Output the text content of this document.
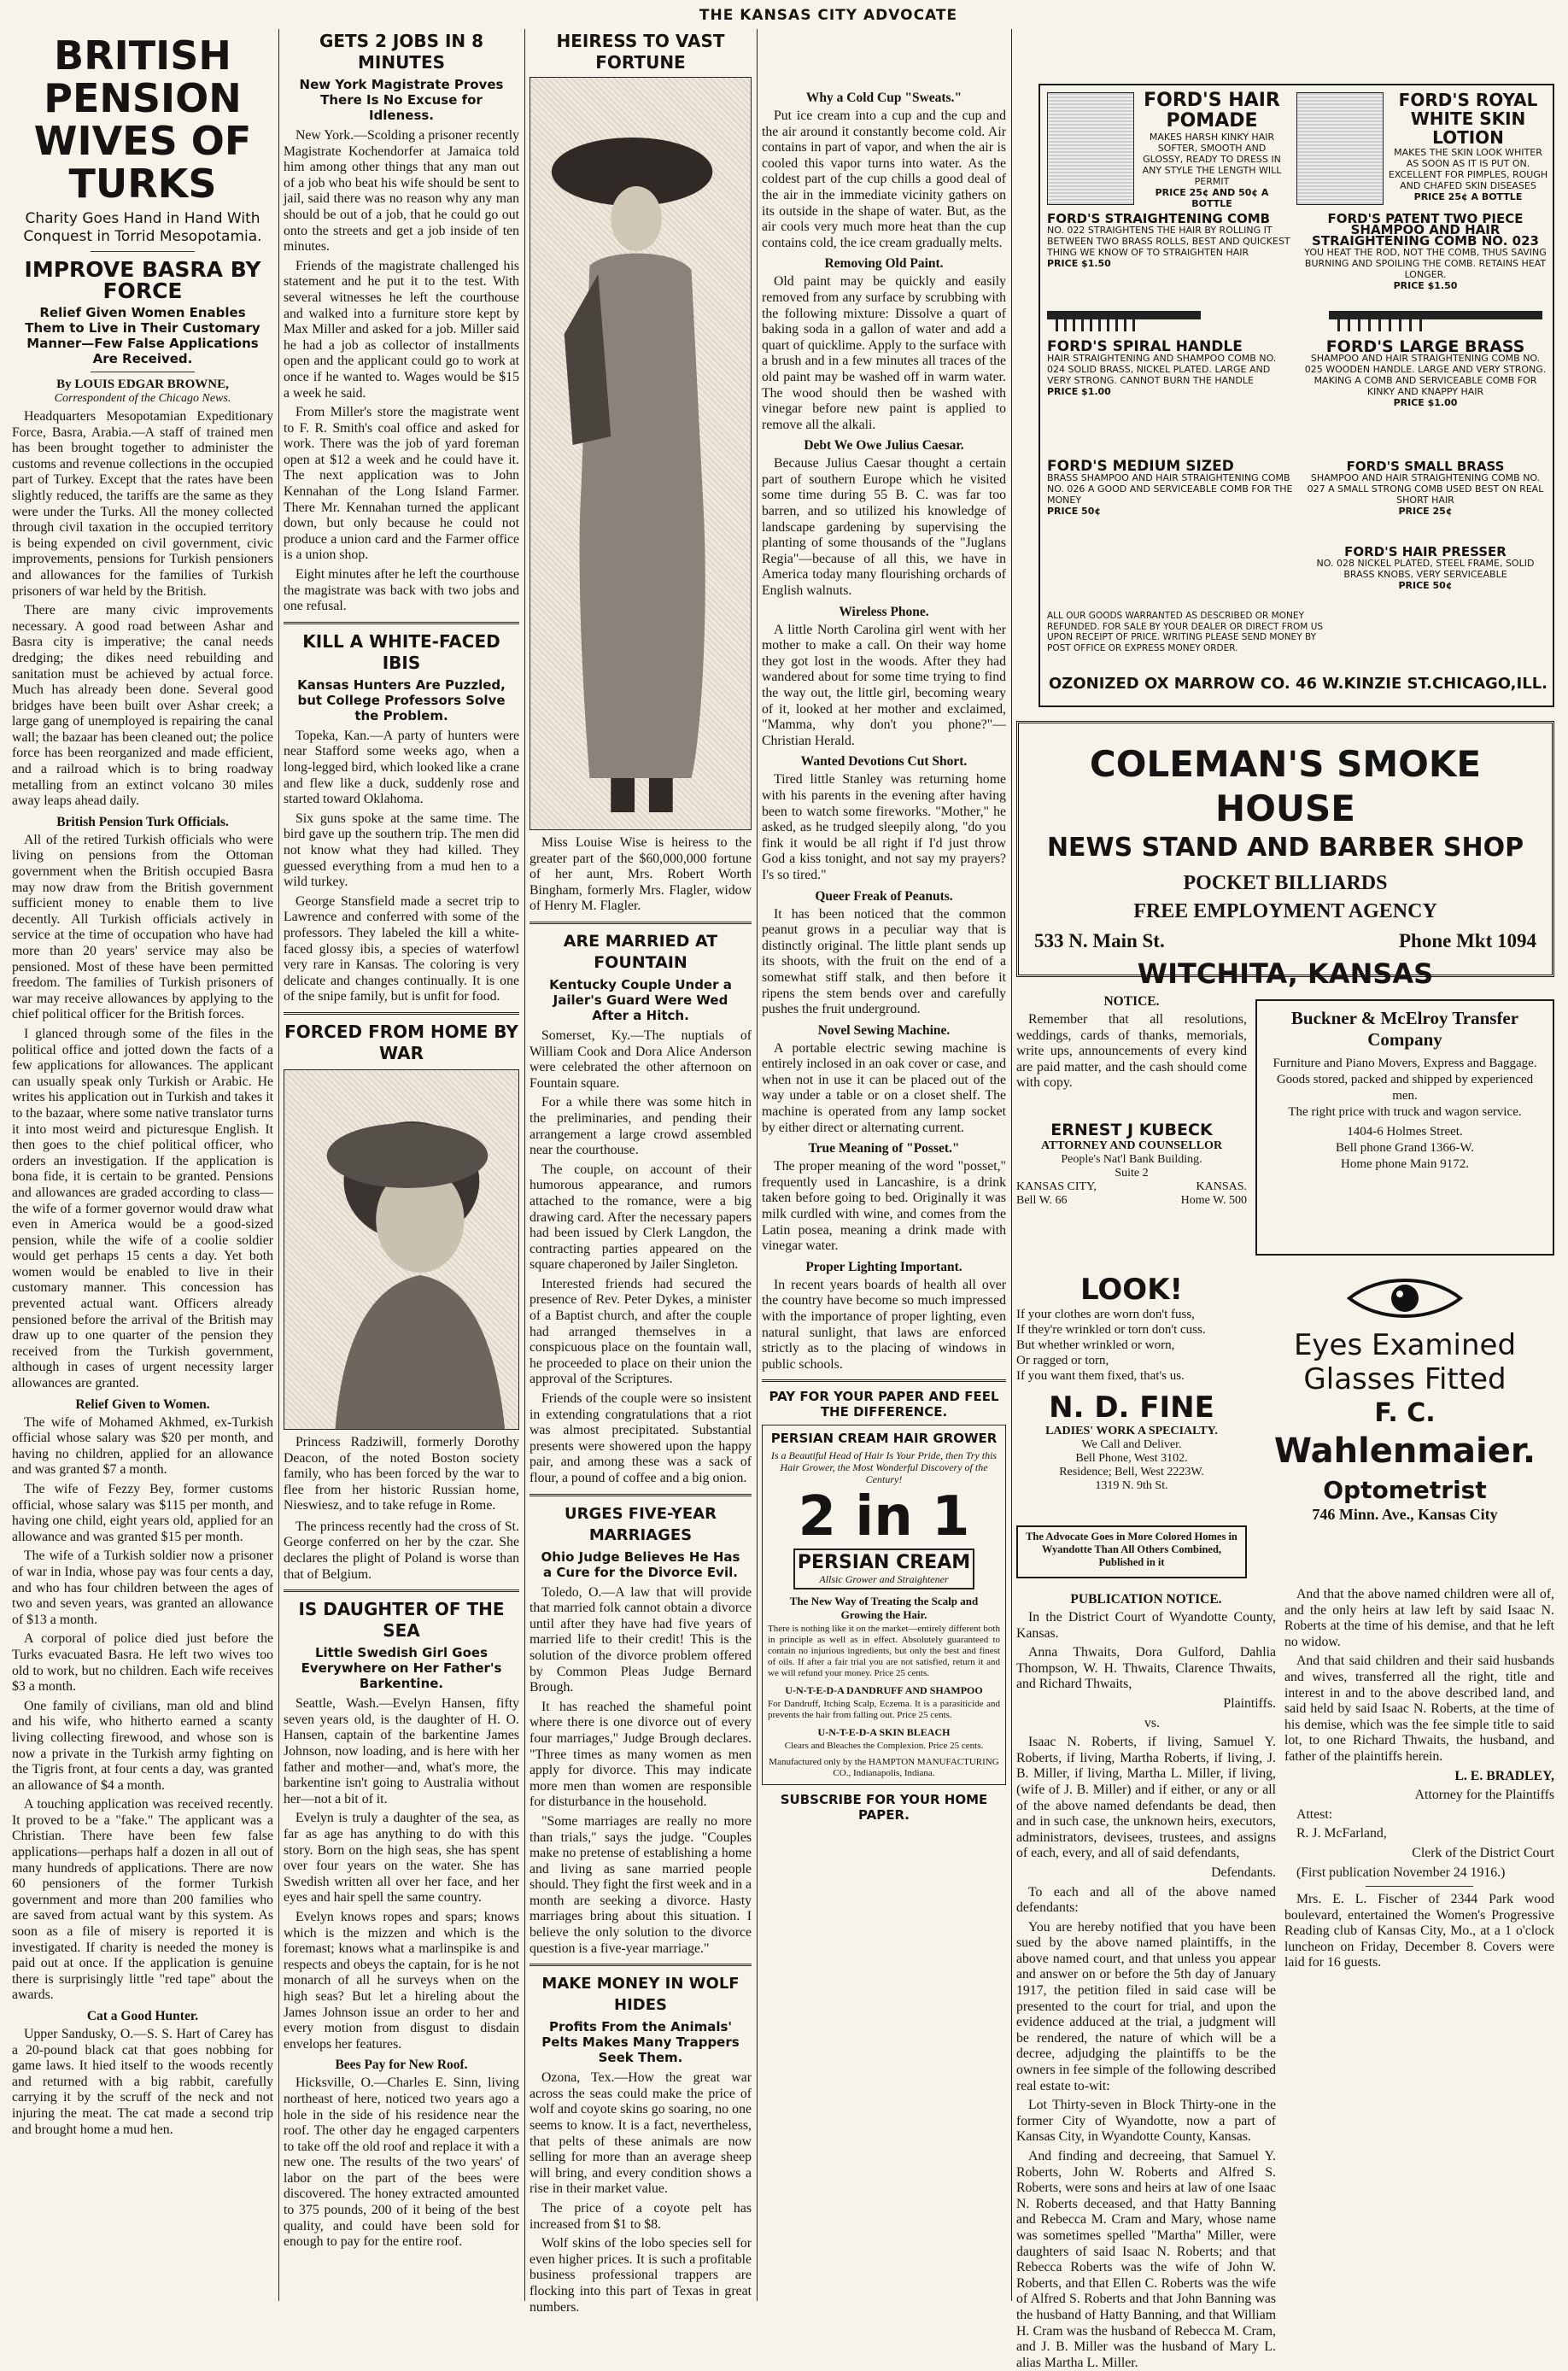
THE KANSAS CITY ADVOCATE
BRITISH PENSION WIVES OF TURKS
Charity Goes Hand in Hand With Conquest in Torrid Mesopotamia.
IMPROVE BASRA BY FORCE
Relief Given Women Enables Them to Live in Their Customary Manner—Few False Applications Are Received.
By LOUIS EDGAR BROWNE,
Correspondent of the Chicago News.

Headquarters Mesopotamian Expeditionary Force, Basra, Arabia.—A staff of trained men has been brought together to administer the customs and revenue collections in the occupied part of Turkey. Except that the rates have been slightly reduced, the tariffs are the same as they were under the Turks. All the money collected through civil taxation in the occupied territory is being expended on civil government, civic improvements, pensions for Turkish pensioners and allowances for the families of Turkish prisoners of war held by the British.

There are many civic improvements necessary. A good road between Ashar and Basra city is imperative; the canal needs dredging; the dikes need rebuilding and sanitation must be achieved by actual force. Much has already been done. Several good bridges have been built over Ashar creek; a large gang of unemployed is repairing the canal wall; the bazaar has been cleaned out; the police force has been reorganized and made efficient, and a railroad which is to bring roadway metalling from an extinct volcano 30 miles away leaps ahead daily.

British Pension Turk Officials.

All of the retired Turkish officials who were living on pensions from the Ottoman government when the British occupied Basra may now draw from the British government sufficient money to enable them to live decently. All Turkish officials actively in service at the time of occupation who have had more than 20 years' service may also be pensioned. Most of these have been permitted freedom. The families of Turkish prisoners of war may receive allowances by applying to the chief political officer for the British forces.

I glanced through some of the files in the political office and jotted down the facts of a few applications for allowances. The applicant can usually speak only Turkish or Arabic. He writes his application out in Turkish and takes it to the bazaar, where some native translator turns it into most weird and picturesque English. It then goes to the chief political officer, who orders an investigation. If the application is bona fide, it is certain to be granted. Pensions and allowances are graded according to class—the wife of a former governor would draw what even in America would be a good-sized pension, while the wife of a coolie soldier would get perhaps 15 cents a day. Yet both women would be enabled to live in their customary manner. This concession has prevented actual want. Officers already pensioned before the arrival of the British may draw up to one quarter of the pension they received from the Turkish government, although in cases of urgent necessity larger allowances are granted.

Relief Given to Women.

The wife of Mohamed Akhmed, ex-Turkish official whose salary was $20 per month, and having no children, applied for an allowance and was granted $7 a month.

The wife of Fezzy Bey, former customs official, whose salary was $115 per month, and having one child, eight years old, applied for an allowance and was granted $15 per month.

The wife of a Turkish soldier now a prisoner of war in India, whose pay was four cents a day, and who has four children between the ages of two and seven years, was granted an allowance of $13 a month.

A corporal of police died just before the Turks evacuated Basra. He left two wives too old to work, but no children. Each wife receives $3 a month.

One family of civilians, man old and blind and his wife, who hitherto earned a scanty living collecting firewood, and whose son is now a private in the Turkish army fighting on the Tigris front, at four cents a day, was granted an allowance of $4 a month.

A touching application was received recently. It proved to be a "fake." The applicant was a Christian. There have been few false applications—perhaps half a dozen in all out of many hundreds of applications. There are now 60 pensioners of the former Turkish government and more than 200 families who are saved from actual want by this system. As soon as a file of misery is reported it is investigated. If charity is needed the money is paid out at once. If the application is genuine there is surprisingly little "red tape" about the awards.

Cat a Good Hunter.

Upper Sandusky, O.—S. S. Hart of Carey has a 20-pound black cat that goes nobbing for game laws. It hied itself to the woods recently and returned with a big rabbit, carefully carrying it by the scruff of the neck and not injuring the meat. The cat made a second trip and brought home a mud hen.

GETS 2 JOBS IN 8 MINUTES
New York Magistrate Proves There Is No Excuse for Idleness.

New York.—Scolding a prisoner recently Magistrate Kochendorfer at Jamaica told him among other things that any man out of a job who beat his wife should be sent to jail, said there was no reason why any man should be out of a job, that he could go out onto the streets and get a job inside of ten minutes.

Friends of the magistrate challenged his statement and he put it to the test. With several witnesses he left the courthouse and walked into a furniture store kept by Max Miller and asked for a job. Miller said he had a job as collector of installments open and the applicant could go to work at once if he wanted to. Wages would be $15 a week he said.

From Miller's store the magistrate went to F. R. Smith's coal office and asked for work. There was the job of yard foreman open at $12 a week and he could have it. The next application was to John Kennahan of the Long Island Farmer. There Mr. Kennahan turned the applicant down, but only because he could not produce a union card and the Farmer office is a union shop.

Eight minutes after he left the courthouse the magistrate was back with two jobs and one refusal.

KILL A WHITE-FACED IBIS
Kansas Hunters Are Puzzled, but College Professors Solve the Problem.

Topeka, Kan.—A party of hunters were near Stafford some weeks ago, when a long-legged bird, which looked like a crane and flew like a duck, suddenly rose and started toward Oklahoma.

Six guns spoke at the same time. The bird gave up the southern trip. The men did not know what they had killed. They guessed everything from a mud hen to a wild turkey.

George Stansfield made a secret trip to Lawrence and conferred with some of the professors. They labeled the kill a white-faced glossy ibis, a species of waterfowl very rare in Kansas. The coloring is very delicate and changes continually. It is one of the snipe family, but is unfit for food.

FORCED FROM HOME BY WAR
Princess Radziwill, formerly Dorothy Deacon, of the noted Boston society family, who has been forced by the war to flee from her historic Russian home, Nieswiesz, and to take refuge in Rome.

The princess recently had the cross of St. George conferred on her by the czar. She declares the plight of Poland is worse than that of Belgium.

IS DAUGHTER OF THE SEA
Little Swedish Girl Goes Everywhere on Her Father's Barkentine.

Seattle, Wash.—Evelyn Hansen, fifty seven years old, is the daughter of H. O. Hansen, captain of the barkentine James Johnson, now loading, and is here with her father and mother—and, what's more, the barkentine isn't going to Australia without her—not a bit of it.

Evelyn is truly a daughter of the sea, as far as age has anything to do with this story. Born on the high seas, she has spent over four years on the water. She has Swedish written all over her face, and her eyes and hair spell the same country.

Evelyn knows ropes and spars; knows which is the mizzen and which is the foremast; knows what a marlinspike is and respects and obeys the captain, for is he not monarch of all he surveys when on the high seas? But let a hireling about the James Johnson issue an order to her and every motion from disgust to disdain envelops her features.

Bees Pay for New Roof.

Hicksville, O.—Charles E. Sinn, living northeast of here, noticed two years ago a hole in the side of his residence near the roof. The other day he engaged carpenters to take off the old roof and replace it with a new one. The results of the two years' of labor on the part of the bees were discovered. The honey extracted amounted to 375 pounds, 200 of it being of the best quality, and could have been sold for enough to pay for the entire roof.

HEIRESS TO VAST FORTUNE
Miss Louise Wise is heiress to the greater part of the $60,000,000 fortune of her aunt, Mrs. Robert Worth Bingham, formerly Mrs. Flagler, widow of Henry M. Flagler.
ARE MARRIED AT FOUNTAIN
Kentucky Couple Under a Jailer's Guard Were Wed After a Hitch.

Somerset, Ky.—The nuptials of William Cook and Dora Alice Anderson were celebrated the other afternoon on Fountain square.

For a while there was some hitch in the preliminaries, and pending their arrangement a large crowd assembled near the courthouse.

The couple, on account of their humorous appearance, and rumors attached to the romance, were a big drawing card. After the necessary papers had been issued by Clerk Langdon, the contracting parties appeared on the square chaperoned by Jailer Singleton.

Interested friends had secured the presence of Rev. Peter Dykes, a minister of a Baptist church, and after the couple had arranged themselves in a conspicuous place on the fountain wall, he proceeded to place on their union the approval of the Scriptures.

Friends of the couple were so insistent in extending congratulations that a riot was almost precipitated. Substantial presents were showered upon the happy pair, and among these was a sack of flour, a pound of coffee and a big onion.

URGES FIVE-YEAR MARRIAGES
Ohio Judge Believes He Has a Cure for the Divorce Evil.

Toledo, O.—A law that will provide that married folk cannot obtain a divorce until after they have had five years of married life to their credit! This is the solution of the divorce problem offered by Common Pleas Judge Bernard Brough.

It has reached the shameful point where there is one divorce out of every four marriages," Judge Brough declares. "Three times as many women as men apply for divorce. This may indicate more men than women are responsible for disturbance in the household.

"Some marriages are really no more than trials," says the judge. "Couples make no pretense of establishing a home and living as sane married people should. They fight the first week and in a month are seeking a divorce. Hasty marriages bring about this situation. I believe the only solution to the divorce question is a five-year marriage."

MAKE MONEY IN WOLF HIDES
Profits From the Animals' Pelts Makes Many Trappers Seek Them.

Ozona, Tex.—How the great war across the seas could make the price of wolf and coyote skins go soaring, no one seems to know. It is a fact, nevertheless, that pelts of these animals are now selling for more than an average sheep will bring, and every condition shows a rise in their market value.

The price of a coyote pelt has increased from $1 to $8.

Wolf skins of the lobo species sell for even higher prices. It is such a profitable business professional trappers are flocking into this part of Texas in great numbers.

Why a Cold Cup "Sweats."

Put ice cream into a cup and the cup and the air around it constantly become cold. Air contains in part of vapor, and when the air is cooled this vapor turns into water. As the coldest part of the cup chills a good deal of the air in the immediate vicinity gathers on its outside in the shape of water. But, as the air cools very much more heat than the cup contains cold, the ice cream gradually melts.

Removing Old Paint.

Old paint may be quickly and easily removed from any surface by scrubbing with the following mixture: Dissolve a quart of baking soda in a gallon of water and add a quart of quicklime. Apply to the surface with a brush and in a few minutes all traces of the old paint may be washed off in warm water. The wood should then be washed with vinegar before new paint is applied to remove all the alkali.

Debt We Owe Julius Caesar.

Because Julius Caesar thought a certain part of southern Europe which he visited some time during 55 B. C. was far too barren, and so utilized his knowledge of landscape gardening by supervising the planting of some thousands of the "Juglans Regia"—because of all this, we have in America today many flourishing orchards of English walnuts.

Wireless Phone.

A little North Carolina girl went with her mother to make a call. On their way home they got lost in the woods. After they had wandered about for some time trying to find the way out, the little girl, becoming weary of it, looked at her mother and exclaimed, "Mamma, why don't you phone?"—Christian Herald.

Wanted Devotions Cut Short.

Tired little Stanley was returning home with his parents in the evening after having been to watch some fireworks. "Mother," he asked, as he trudged sleepily along, "do you fink it would be all right if I'd just throw God a kiss tonight, and not say my prayers? I's so tired."

Queer Freak of Peanuts.

It has been noticed that the common peanut grows in a peculiar way that is distinctly original. The little plant sends up its shoots, with the fruit on the end of a somewhat stiff stalk, and then before it ripens the stem bends over and carefully pushes the fruit underground.

Novel Sewing Machine.

A portable electric sewing machine is entirely inclosed in an oak cover or case, and when not in use it can be placed out of the way under a table or on a closet shelf. The machine is operated from any lamp socket by either direct or alternating current.

True Meaning of "Posset."

The proper meaning of the word "posset," frequently used in Lancashire, is a drink taken before going to bed. Originally it was milk curdled with wine, and comes from the Latin posea, meaning a drink made with vinegar water.

Proper Lighting Important.

In recent years boards of health all over the country have become so much impressed with the importance of proper lighting, even natural sunlight, that laws are enforced strictly as to the placing of windows in public schools.

PAY FOR YOUR PAPER AND FEEL THE DIFFERENCE.
PERSIAN CREAM HAIR GROWER
Is a Beautiful Head of Hair Is Your Pride, then Try this Hair Grower, the Most Wonderful Discovery of the Century!
2 in 1
PERSIAN CREAM
Allsic Grower and Straightener
The New Way of Treating the Scalp and Growing the Hair.
There is nothing like it on the market—entirely different both in principle as well as in effect. Absolutely guaranteed to contain no injurious ingredients, but only the best and finest of oils. If after a fair trial you are not satisfied, return it and we will refund your money. Price 25 cents.
U-N-T-E-D-A DANDRUFF AND SHAMPOO
For Dandruff, Itching Scalp, Eczema. It is a parasiticide and prevents the hair from falling out. Price 25 cents.
U-N-T-E-D-A SKIN BLEACH
Clears and Bleaches the Complexion. Price 25 cents.
Manufactured only by the HAMPTON MANUFACTURING CO., Indianapolis, Indiana.
SUBSCRIBE FOR YOUR HOME PAPER.
FORD'S HAIR POMADE
MAKES HARSH KINKY HAIR SOFTER, SMOOTH AND GLOSSY, READY TO DRESS IN ANY STYLE THE LENGTH WILL PERMIT
PRICE 25¢ AND 50¢ A BOTTLE
FORD'S ROYAL WHITE SKIN LOTION
MAKES THE SKIN LOOK WHITER AS SOON AS IT IS PUT ON. EXCELLENT FOR PIMPLES, ROUGH AND CHAFED SKIN DISEASES
PRICE 25¢ A BOTTLE
FORD'S STRAIGHTENING COMB
NO. 022 STRAIGHTENS THE HAIR BY ROLLING IT BETWEEN TWO BRASS ROLLS, BEST AND QUICKEST THING WE KNOW OF TO STRAIGHTEN HAIR
PRICE $1.50
FORD'S PATENT TWO PIECE SHAMPOO AND HAIR STRAIGHTENING COMB NO. 023
YOU HEAT THE ROD, NOT THE COMB, THUS SAVING BURNING AND SPOILING THE COMB. RETAINS HEAT LONGER.
PRICE $1.50
FORD'S SPIRAL HANDLE
HAIR STRAIGHTENING AND SHAMPOO COMB NO. 024 SOLID BRASS, NICKEL PLATED. LARGE AND VERY STRONG. CANNOT BURN THE HANDLE
PRICE $1.00
FORD'S LARGE BRASS
SHAMPOO AND HAIR STRAIGHTENING COMB NO. 025 WOODEN HANDLE. LARGE AND VERY STRONG. MAKING A COMB AND SERVICEABLE COMB FOR KINKY AND KNAPPY HAIR
PRICE $1.00
FORD'S MEDIUM SIZED
BRASS SHAMPOO AND HAIR STRAIGHTENING COMB NO. 026 A GOOD AND SERVICEABLE COMB FOR THE MONEY
PRICE 50¢
FORD'S SMALL BRASS
SHAMPOO AND HAIR STRAIGHTENING COMB NO. 027 A SMALL STRONG COMB USED BEST ON REAL SHORT HAIR
PRICE 25¢
FORD'S HAIR PRESSER
NO. 028 NICKEL PLATED, STEEL FRAME, SOLID BRASS KNOBS, VERY SERVICEABLE
PRICE 50¢
ALL OUR GOODS WARRANTED AS DESCRIBED OR MONEY REFUNDED. FOR SALE BY YOUR DEALER OR DIRECT FROM US UPON RECEIPT OF PRICE. WRITING PLEASE SEND MONEY BY POST OFFICE OR EXPRESS MONEY ORDER.
OZONIZED OX MARROW CO. 46 W.KINZIE ST.CHICAGO,ILL.
COLEMAN'S SMOKE HOUSE
NEWS STAND AND BARBER SHOP
POCKET BILLIARDS
FREE EMPLOYMENT AGENCY
533 N. Main St.	Phone Mkt 1094
WITCHITA, KANSAS
NOTICE.

Remember that all resolutions, weddings, cards of thanks, memorials, write ups, announcements of every kind are paid matter, and the cash should come with copy.

ERNEST J KUBECK
ATTORNEY AND COUNSELLOR
People's Nat'l Bank Building.
Suite 2
KANSAS CITY,	KANSAS.
Bell W. 66	Home W. 500
LOOK!
If your clothes are worn don't fuss,
If they're wrinkled or torn don't cuss.
But whether wrinkled or worn,
Or ragged or torn,
If you want them fixed, that's us.
N. D. FINE
LADIES' WORK A SPECIALTY.
We Call and Deliver.
Bell Phone, West 3102.
Residence; Bell, West 2223W.
1319 N. 9th St.
Buckner & McElroy Transfer Company
Furniture and Piano Movers, Express and Baggage.
Goods stored, packed and shipped by experienced men.
The right price with truck and wagon service.
1404-6 Holmes Street.
Bell phone Grand 1366-W.
Home phone Main 9172.
Eyes Examined
Glasses Fitted
F. C.
Wahlenmaier.
Optometrist
746 Minn. Ave., Kansas City
The Advocate Goes in More Colored Homes in Wyandotte Than All Others Combined, Published in it
PUBLICATION NOTICE.

In the District Court of Wyandotte County, Kansas.

Anna Thwaits, Dora Gulford, Dahlia Thompson, W. H. Thwaits, Clarence Thwaits, and Richard Thwaits,

Plaintiffs.

vs.

Isaac N. Roberts, if living, Samuel Y. Roberts, if living, Martha Roberts, if living, J. B. Miller, if living, Martha L. Miller, if living, (wife of J. B. Miller) and if either, or any or all of the above named defendants be dead, then and in such case, the unknown heirs, executors, administrators, devisees, trustees, and assigns of each, every, and all of said defendants,

Defendants.

To each and all of the above named defendants:

You are hereby notified that you have been sued by the above named plaintiffs, in the above named court, and that unless you appear and answer on or before the 5th day of January 1917, the petition filed in said case will be presented to the court for trial, and upon the evidence adduced at the trial, a judgment will be rendered, the nature of which will be a decree, adjudging the plaintiffs to be the owners in fee simple of the following described real estate to-wit:

Lot Thirty-seven in Block Thirty-one in the former City of Wyandotte, now a part of Kansas City, in Wyandotte County, Kansas.

And finding and decreeing, that Samuel Y. Roberts, John W. Roberts and Alfred S. Roberts, were sons and heirs at law of one Isaac N. Roberts deceased, and that Hatty Banning and Rebecca M. Cram and Mary, whose name was sometimes spelled "Martha" Miller, were daughters of said Isaac N. Roberts; and that Rebecca Roberts was the wife of John W. Roberts, and that Ellen C. Roberts was the wife of Alfred S. Roberts and that John Banning was the husband of Hatty Banning, and that William H. Cram was the husband of Rebecca M. Cram, and J. B. Miller was the husband of Mary L. alias Martha L. Miller.

And that the above named children were all of, and the only heirs at law left by said Isaac N. Roberts at the time of his demise, and that he left no widow.

And that said children and their said husbands and wives, transferred all the right, title and interest in and to the above described land, and said held by said Isaac N. Roberts, at the time of his demise, which was the fee simple title to said lot, to one Richard Thwaits, the husband, and father of the plaintiffs herein.

L. E. BRADLEY,

Attorney for the Plaintiffs

Attest:

R. J. McFarland,

Clerk of the District Court

(First publication November 24 1916.)

Mrs. E. L. Fischer of 2344 Park wood boulevard, entertained the Women's Progressive Reading club of Kansas City, Mo., at a 1 o'clock luncheon on Friday, December 8. Covers were laid for 16 guests.
